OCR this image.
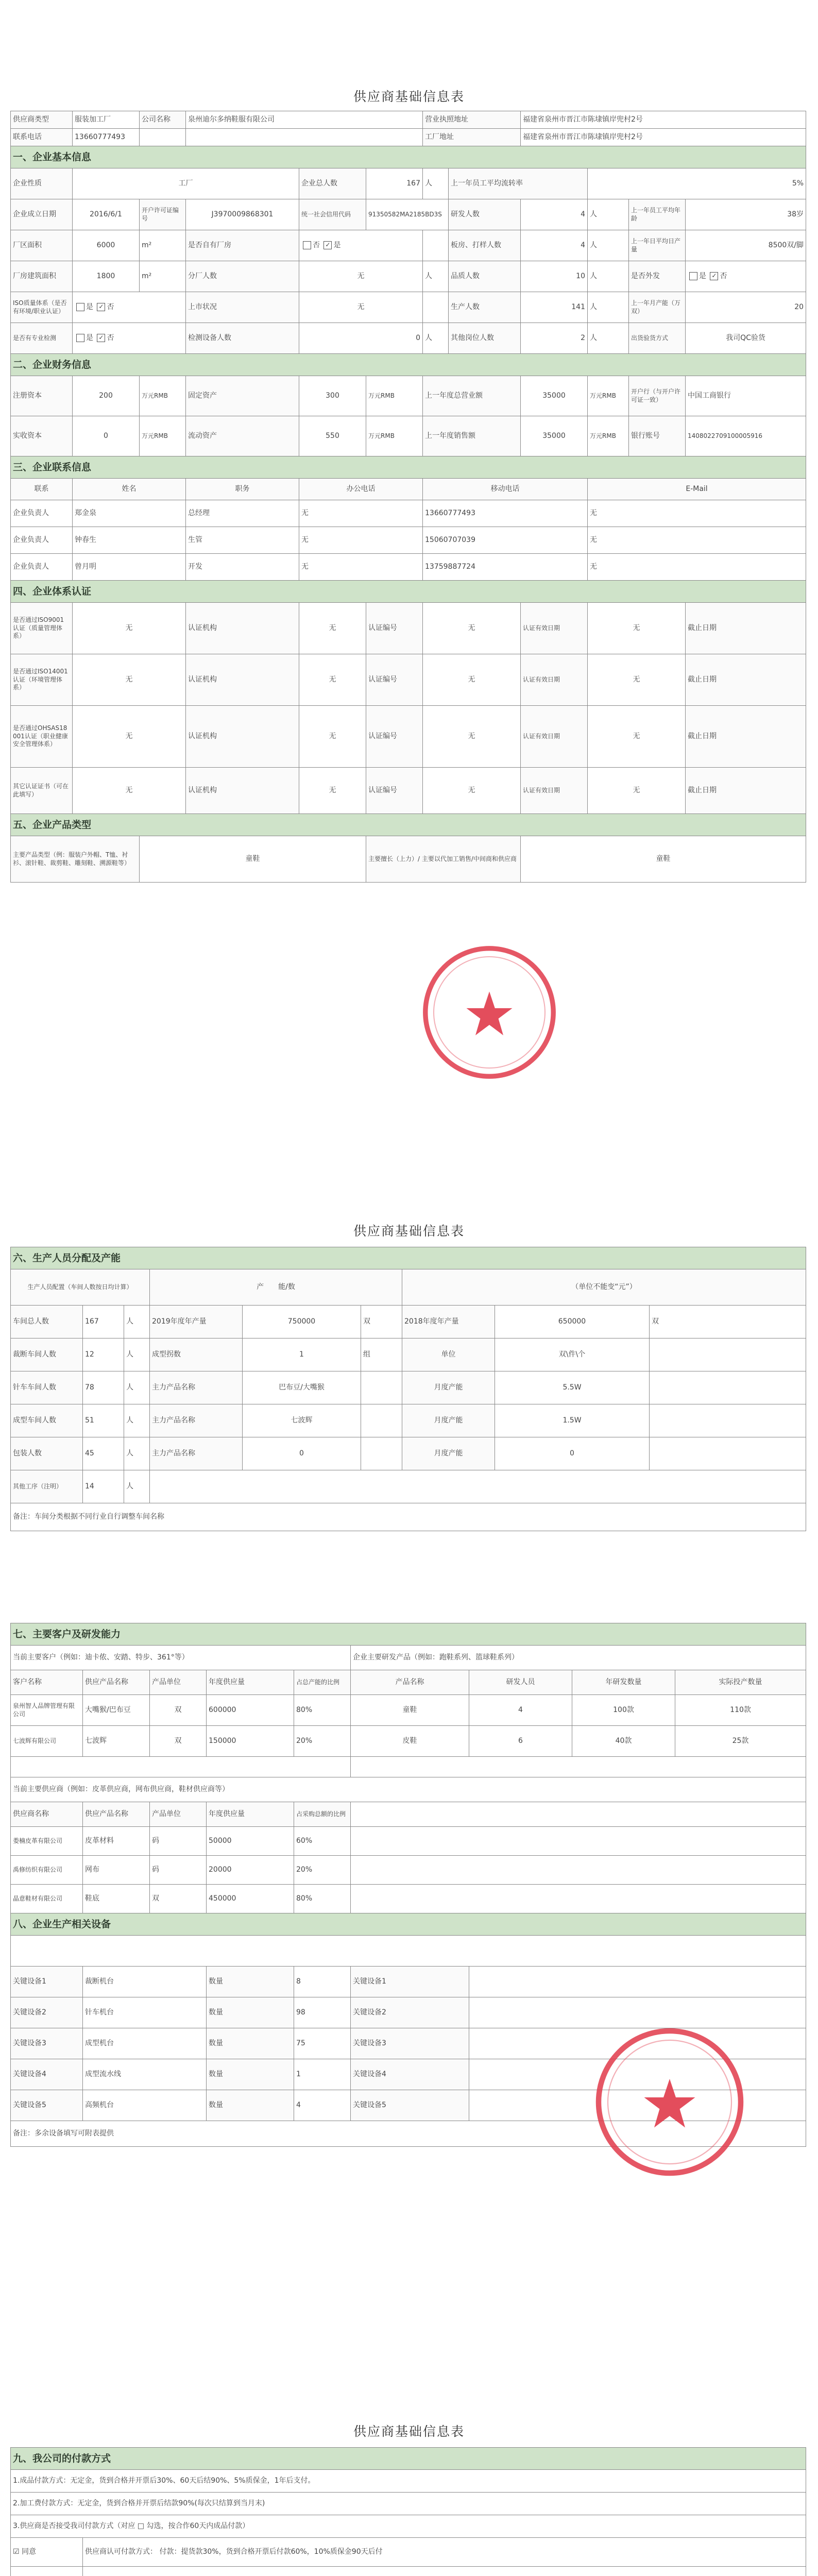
供应商基础信息表
供应商类型	服装加工厂	公司名称	泉州迪尔多纳鞋服有限公司			营业执照地址		福建省泉州市晋江市陈埭镇岸兜村2号			
联系电话	13660777493					工厂地址		福建省泉州市晋江市陈埭镇岸兜村2号			
一、企业基本信息											
企业性质	工厂			企业总人数	167	人	上一年员工平均流转率		5%		
企业成立日期	2016/6/1	开户许可证编号	J3970009868301	统一社会信用代码	91350582MA2185BD3S		研发人数	4	人	上一年员工平均年龄	38岁
厂区面积	6000	m²	是否自有厂房	否 ✓ 是			板房、打样人数	4	人	上一年日平均日产量	8500双/脚
厂房建筑面积	1800	m²	分厂人数	无		人	品质人数	10	人	是否外发	是 ✓ 否
ISO质量体系（是否有环境/职业认证）	是 ✓ 否		上市状况	无			生产人数	141	人	上一年月产能（万双）	20
是否有专业检测	是 ✓ 否		检测设备人数	0		人	其他岗位人数	2	人	出货验货方式	我司QC验货
二、企业财务信息											
注册资本	200	万元RMB	固定资产	300	万元RMB	上一年度总营业额		35000	万元RMB	开户行（与开户许可证一致）	中国工商银行
实收资本	0	万元RMB	流动资产	550	万元RMB	上一年度销售额		35000	万元RMB	银行账号	1408022709100005916
三、企业联系信息											
联系	姓名		职务	办公电话		移动电话			E-Mail		
企业负责人	郑金泉		总经理	无		13660777493			无		
企业负责人	钟春生		生管	无		15060707039			无		
企业负责人	曾月明		开发	无		13759887724			无		
四、企业体系认证											
是否通过ISO9001认证（质量管理体系）	无		认证机构	无	认证编号	无		认证有效日期	无		截止日期
是否通过ISO14001认证（环境管理体系）	无		认证机构	无	认证编号	无		认证有效日期	无		截止日期
是否通过OHSAS18001认证（职业健康安全管理体系）	无		认证机构	无	认证编号	无		认证有效日期	无		截止日期
其它认证证书（可在此填写）	无		认证机构	无	认证编号	无		认证有效日期	无		截止日期
五、企业产品类型											
主要产品类型（例：服装户外帽、T恤、衬衫、滚针鞋、裁剪鞋、雕刻鞋、溯源鞋等）		童鞋			主要擅长（上力）/ 主要以代加工销售/中间商和供应商			童鞋			
供应商基础信息表
六、生产人员分配及产能								
生产人员配置（车间人数按日均计算）			产　　能/数			（单位不能变“元”）		
车间总人数	167	人	2019年度年产量	750000	双	2018年度年产量	650000	双
裁断车间人数	12	人	成型拐数	1	组	单位	双\件\个	
针车车间人数	78	人	主力产品名称	巴布豆/大嘴猴		月度产能	5.5W	
成型车间人数	51	人	主力产品名称	七波辉		月度产能	1.5W	
包装人数	45	人	主力产品名称	0		月度产能	0	
其他工序（注明）	14	人						
备注：车间分类根据不同行业自行调整车间名称								
七、主要客户及研发能力								
当前主要客户（例如：迪卡侬、安踏、特步、361°等）					企业主要研发产品（例如：跑鞋系列、篮球鞋系列）			
客户名称	供应产品名称	产品单位	年度供应量	占总产能的比例	产品名称	研发人员	年研发数量	实际投产数量
泉州智人品牌管理有限公司	大嘴猴/巴布豆	双	600000	80%	童鞋	4	100款	110款
七波辉有限公司	七波辉	双	150000	20%	皮鞋	6	40款	25款

当前主要供应商（例如：皮革供应商，网布供应商，鞋材供应商等）								
供应商名称	供应产品名称	产品单位	年度供应量	占采购总额的比例				
娄楠皮革有限公司	皮革材料	码	50000	60%				
禹修纺织有限公司	网布	码	20000	20%				
晶意鞋材有限公司	鞋底	双	450000	80%				
八、企业生产相关设备								

关键设备1	裁断机台		数量	8	关键设备1			
关键设备2	针车机台		数量	98	关键设备2			
关键设备3	成型机台		数量	75	关键设备3			
关键设备4	成型流水线		数量	1	关键设备4			
关键设备5	高频机台		数量	4	关键设备5			
备注：多余设备填写可附表提供								
供应商基础信息表
九、我公司的付款方式		
1.成品付款方式：无定金，货到合格并开票后30%、60天后结90%、5%质保金，1年后支付。		
2.加工费付款方式：无定金，货到合格并开票后结款90%(每次只结算到当月末)		
3.供应商是否接受我司付款方式（对应 □ 勾选，按合作60天内成品付款）		
☑ 同意	供应商认可付款方式： 付款：提货款30%，货到合格开票后付款60%，10%质保金90天后付	
